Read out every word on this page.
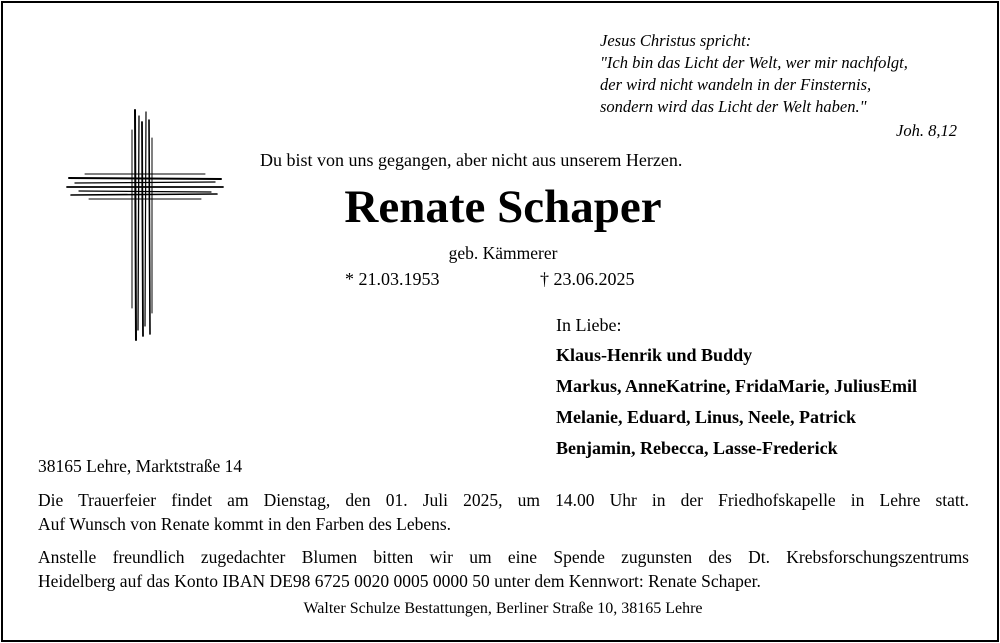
Jesus Christus spricht:
"Ich bin das Licht der Welt, wer mir nachfolgt,
der wird nicht wandeln in der Finsternis,
sondern wird das Licht der Welt haben."
Joh. 8,12
Du bist von uns gegangen, aber nicht aus unserem Herzen.
Renate Schaper
geb. Kämmerer
* 21.03.1953	† 23.06.2025
In Liebe:
Klaus-Henrik und Buddy
Markus, AnneKatrine, FridaMarie, JuliusEmil
Melanie, Eduard, Linus, Neele, Patrick
Benjamin, Rebecca, Lasse-Frederick
38165 Lehre, Marktstraße 14
Die Trauerfeier findet am Dienstag, den 01. Juli 2025, um 14.00 Uhr in der Friedhofskapelle in Lehre statt.
Auf Wunsch von Renate kommt in den Farben des Lebens.
Anstelle freundlich zugedachter Blumen bitten wir um eine Spende zugunsten des Dt. Krebsforschungszentrums
Heidelberg auf das Konto IBAN DE98 6725 0020 0005 0000 50 unter dem Kennwort: Renate Schaper.
Walter Schulze Bestattungen, Berliner Straße 10, 38165 Lehre
